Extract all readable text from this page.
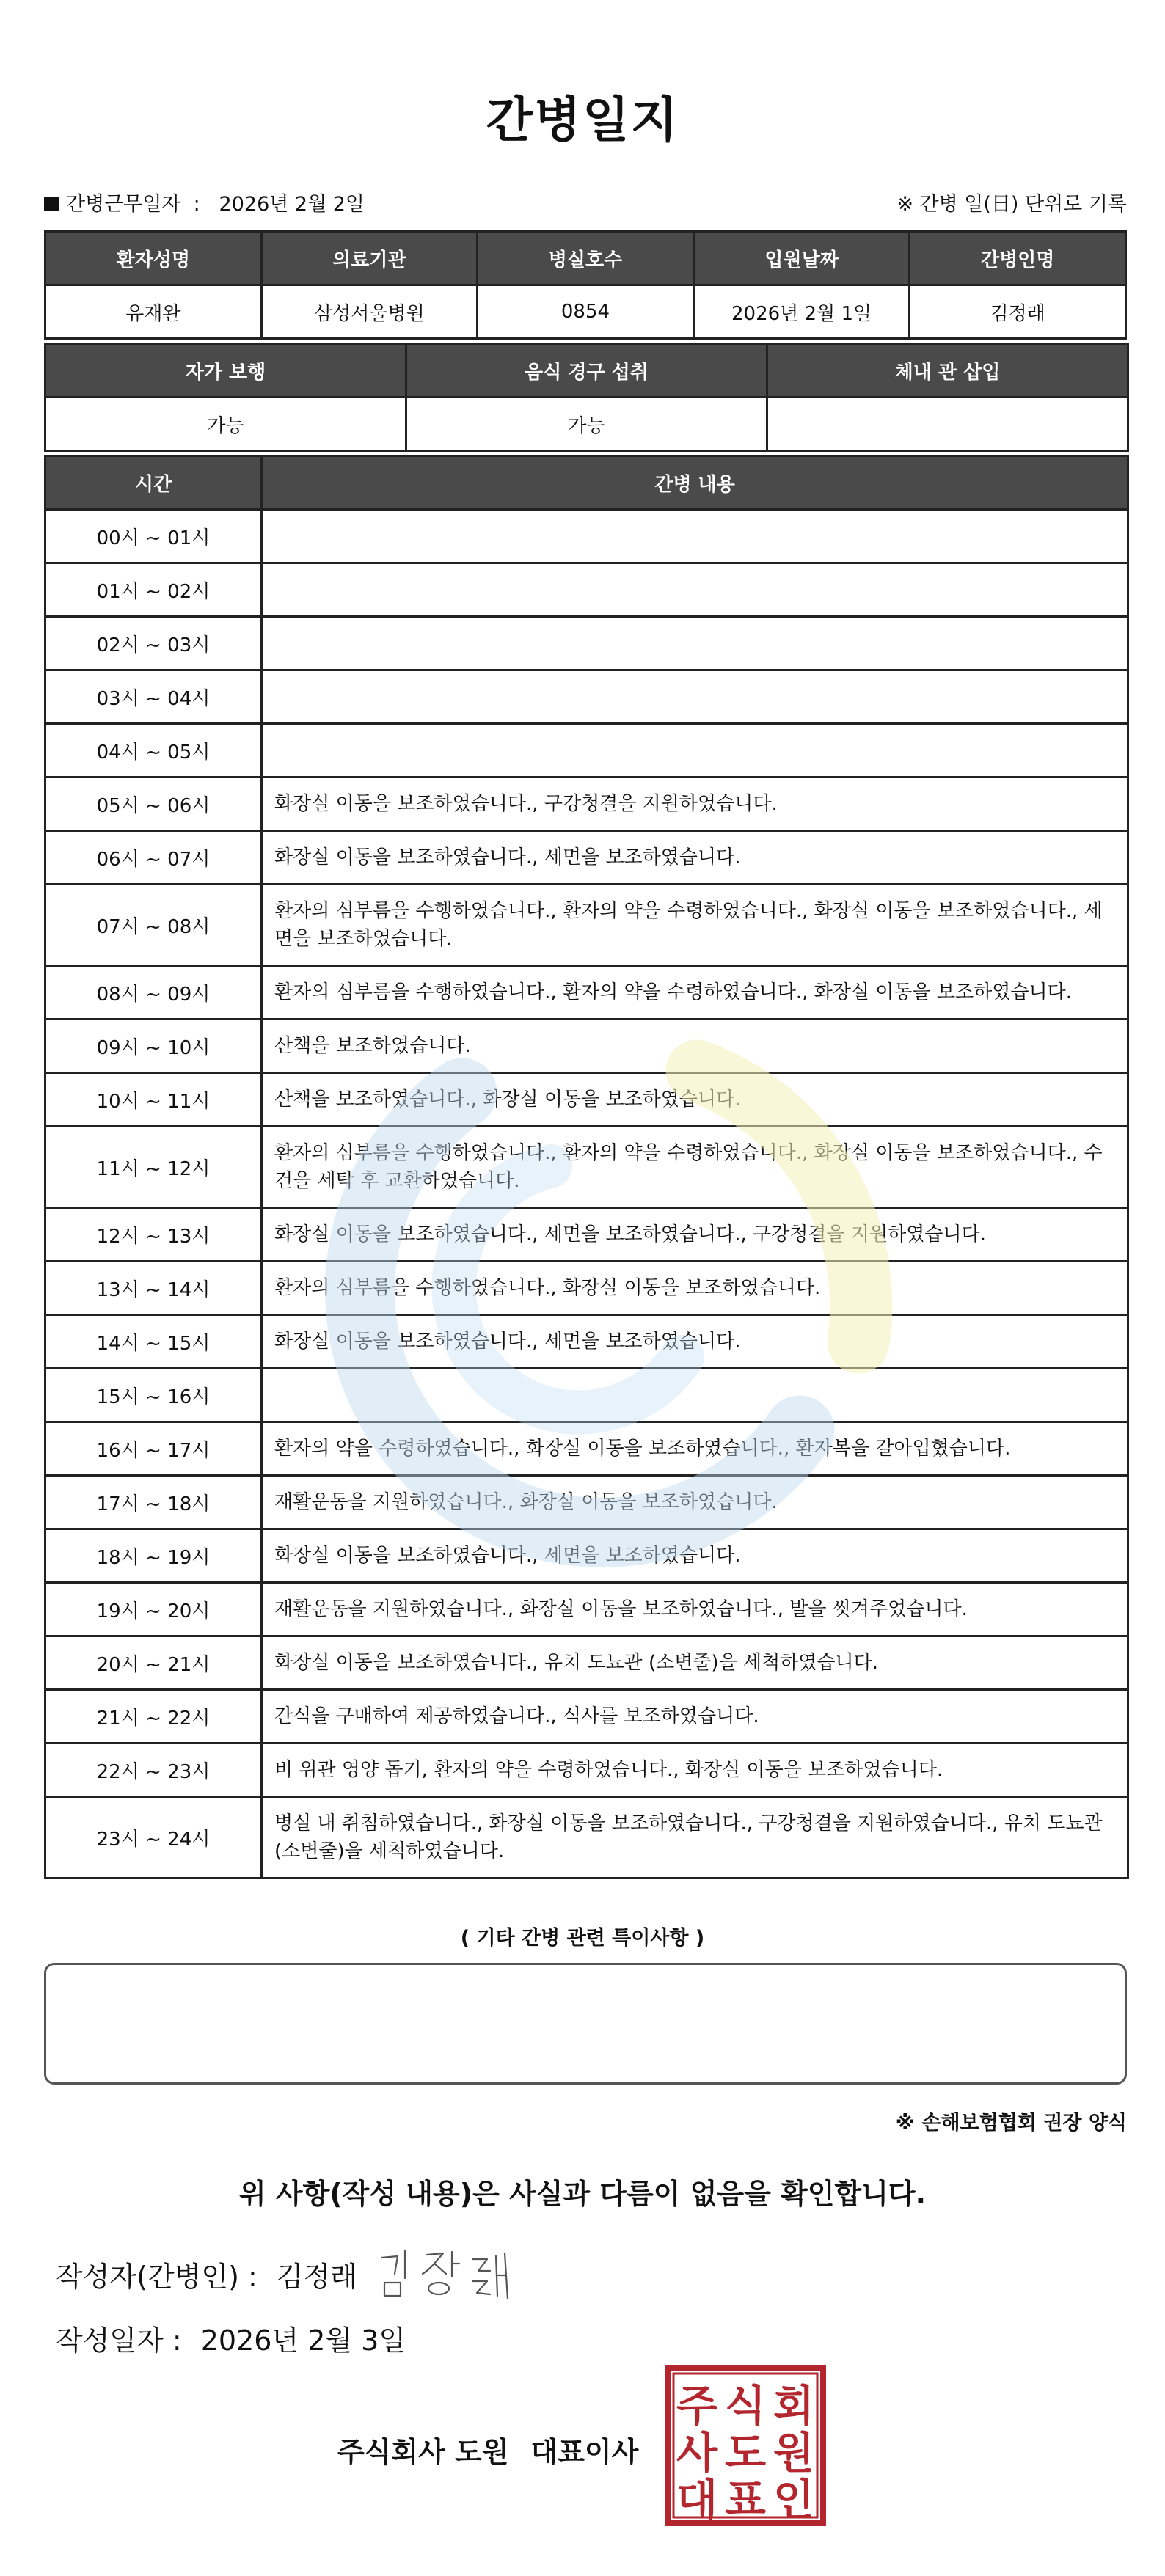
간병일지
간병근무일자 : 2026년 2월 2일	※ 간병 일(日) 단위로 기록
환자성명	의료기관	병실호수	입원날짜	간병인명
유재완	삼성서울병원	0854	2026년 2월 1일	김정래
자가 보행	음식 경구 섭취	체내 관 삽입
가능	가능	
시간	간병 내용
00시 ~ 01시	
01시 ~ 02시	
02시 ~ 03시	
03시 ~ 04시	
04시 ~ 05시	
05시 ~ 06시	화장실 이동을 보조하였습니다., 구강청결을 지원하였습니다.
06시 ~ 07시	화장실 이동을 보조하였습니다., 세면을 보조하였습니다.
07시 ~ 08시	환자의 심부름을 수행하였습니다., 환자의 약을 수령하였습니다., 화장실 이동을 보조하였습니다., 세면을 보조하였습니다.
08시 ~ 09시	환자의 심부름을 수행하였습니다., 환자의 약을 수령하였습니다., 화장실 이동을 보조하였습니다.
09시 ~ 10시	산책을 보조하였습니다.
10시 ~ 11시	산책을 보조하였습니다., 화장실 이동을 보조하였습니다.
11시 ~ 12시	환자의 심부름을 수행하였습니다., 환자의 약을 수령하였습니다., 화장실 이동을 보조하였습니다., 수건을 세탁 후 교환하였습니다.
12시 ~ 13시	화장실 이동을 보조하였습니다., 세면을 보조하였습니다., 구강청결을 지원하였습니다.
13시 ~ 14시	환자의 심부름을 수행하였습니다., 화장실 이동을 보조하였습니다.
14시 ~ 15시	화장실 이동을 보조하였습니다., 세면을 보조하였습니다.
15시 ~ 16시	
16시 ~ 17시	환자의 약을 수령하였습니다., 화장실 이동을 보조하였습니다., 환자복을 갈아입혔습니다.
17시 ~ 18시	재활운동을 지원하였습니다., 화장실 이동을 보조하였습니다.
18시 ~ 19시	화장실 이동을 보조하였습니다., 세면을 보조하였습니다.
19시 ~ 20시	재활운동을 지원하였습니다., 화장실 이동을 보조하였습니다., 발을 씻겨주었습니다.
20시 ~ 21시	화장실 이동을 보조하였습니다., 유치 도뇨관 (소변줄)을 세척하였습니다.
21시 ~ 22시	간식을 구매하여 제공하였습니다., 식사를 보조하였습니다.
22시 ~ 23시	비 위관 영양 돕기, 환자의 약을 수령하였습니다., 화장실 이동을 보조하였습니다.
23시 ~ 24시	병실 내 취침하였습니다., 화장실 이동을 보조하였습니다., 구강청결을 지원하였습니다., 유치 도뇨관 (소변줄)을 세척하였습니다.
( 기타 간병 관련 특이사항 )
※ 손해보험협회 권장 양식
위 사항(작성 내용)은 사실과 다름이 없음을 확인합니다.
작성자(간병인) : 김정래
작성일자 : 2026년 2월 3일
주식회사 도원 대표이사
주 식 회
사 도 원
대 표 인
